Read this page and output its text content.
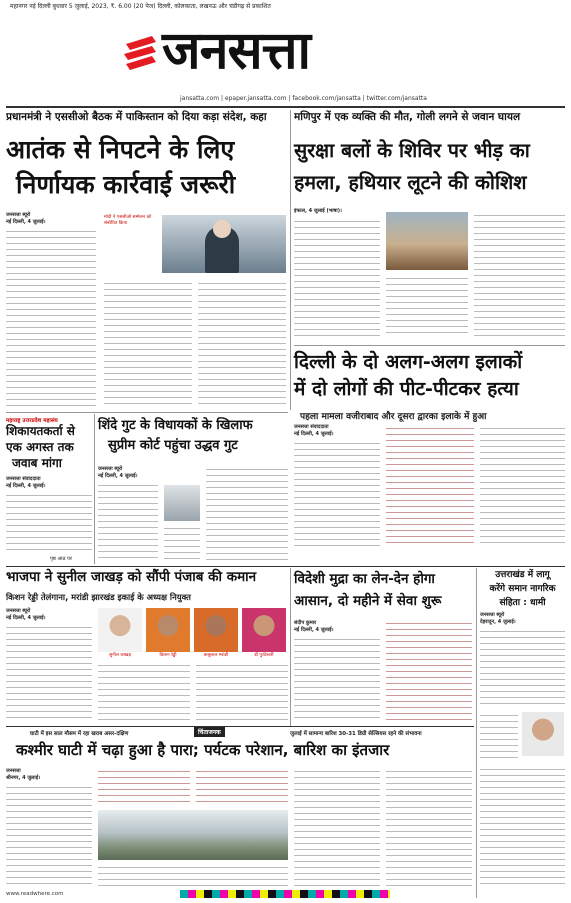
महानगर नई दिल्ली बुधवार 5 जुलाई, 2023, ₹. 6.00 (20 पेज) दिल्ली, कोलकाता, लखनऊ और चंडीगढ़ से प्रकाशित
जनसत्ता
jansatta.com | epaper.jansatta.com | facebook.com/jansatta | twitter.com/jansatta
प्रधानमंत्री ने एससीओ बैठक में पाकिस्तान को दिया कड़ा संदेश, कहा
आतंक से निपटने के लिए
निर्णायक कार्रवाई जरूरी
जनसत्ता ब्यूरो
नई दिल्ली, 4 जुलाई।
मोदी ने एससीओ सम्मेलन को संबोधित किया
मणिपुर में एक व्यक्ति की मौत, गोली लगने से जवान घायल
सुरक्षा बलों के शिविर पर भीड़ का
हमला, हथियार लूटने की कोशिश
इंफाल, 4 जुलाई (भाषा)।
दिल्ली के दो अलग-अलग इलाकों
में दो लोगों की पीट-पीटकर हत्या
पहला मामला वजीराबाद और दूसरा द्वारका इलाके में हुआ
जनसत्ता संवाददाता
नई दिल्ली, 4 जुलाई।
महाराष्ट्र उत्तरप्रदेश महासंघ
शिकायतकर्ता से
एक अगस्त तक
जवाब मांगा
जनसत्ता संवाददाता
नई दिल्ली, 4 जुलाई।
पृष्ठ आठ पर
शिंदे गुट के विधायकों के खिलाफ
सुप्रीम कोर्ट पहुंचा उद्धव गुट
जनसत्ता ब्यूरो
नई दिल्ली, 4 जुलाई।
भाजपा ने सुनील जाखड़ को सौंपी पंजाब की कमान
किशन रेड्डी तेलंगाना, मरांडी झारखंड इकाई के अध्यक्ष नियुक्त
जनसत्ता ब्यूरो
नई दिल्ली, 4 जुलाई।
सुनील जाखड़	किशन रेड्डी	बाबूलाल मरांडी	डी पुरंदेश्वरी
विदेशी मुद्रा का लेन-देन होगा
आसान, दो महीने में सेवा शुरू
संदीप कुमार
नई दिल्ली, 4 जुलाई।
उत्तराखंड में लागू
करेंगे समान नागरिक
संहिता : धामी
जनसत्ता ब्यूरो
देहरादून, 4 जुलाई।
घाटी में इस साल मौसम में रहा खराब असर-दक्षिण	चिंताजनक	जुलाई में सामान्य बारिश 30-31 डिग्री सेल्सियस रहने की संभावना
कश्मीर घाटी में चढ़ा हुआ है पारा; पर्यटक परेशान, बारिश का इंतजार
जनसत्ता
श्रीनगर, 4 जुलाई।
www.readwhere.com
